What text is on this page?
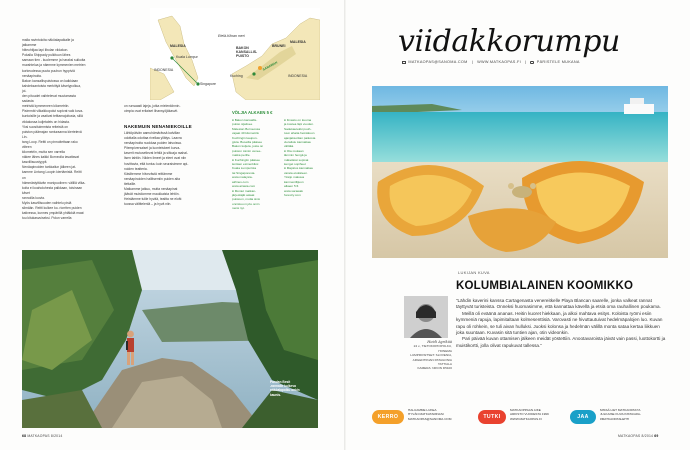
malla ravintoloita näköalapaikalle ja jatkamme
hiiteuhtijaa lapi ilbolan viidakon.
Pokalla Shippady pulkituun lähes
samaan tien - kuolemme ja haraksi sulkoita
murahtelua ja näemme kymmenien metrien
korkeudessa puuta puuhun hyppiviä
nenäapinoita.
Bakon kansallispuistossa on kaikkiaan
kahdeksantoista merkittyä kävelypolkua, joi-
den pituudet vaihtelevat muutamasta sadasta
metristä kymmeneen kilometriin.
Pisimmät vilkaikkopolut sopivat vaik kova-
kuntoisille ja vaativat telttamajoitusta, sillä
viidakossa kuljetaleis on hidasta.
Yksi suosituimmista reiteistä on
puiston päämajan ranturaanna kiertelevä Lin-
tang Loop. Reitti on pinnoitettaan rako viiteen
kilometriin, mutta sen varrella
näkee lähes kaikki Borneolla tavattavat
kasvillisuustyypit.
Nenäapinoiden tarkkailun jälkeen jat-
kamme Lintang Loopin kiertämistä. Reitti on
hämmästyttävän monipuolinen: välillä vilka-
koita ei koaholuhesta palkkaan, toisinaan kävet
rannoilla luovia.
Myös kasvillisuuden vaihtelu pisiä
silmään. Reitti kulkee ko- riorriten puiden
kativessa, kunnes ympärillä yhtäkkiä maat
tuu kitukasvuiseksi. Polun varrella
MALESIA
Kuala Lumpur
INDONESIA
Singapore
Etelä-Kiinan meri
BAKON KANSALLIS-PUISTO
BRUNEI
MALESIA
Kuching
SARAWAK
INDONESIA
on runsaasti lajeja, jotka mielenkiinnin-
oimpia ovat erilaiset lihansyöjäkasvit.
NAKEMUIN NENANIEKOILLE
Lähtöpäivän aamuhämärässä kalvillan
odottalla odottaa rivellaa yllätys. Laavra
nenäapinoita nuokkaa puiden latvoissa.
Pitempiversaiset ja luonteiskeet kurva-
kaverit mutusetlevat lehtiä ja siltoaja raahal-
lisen tahtiin. Niiden ilmeet ja eleet ovat niin
huvittavia, että tuntuu kuin seuraisimme api-
noiden teatteria.
Käsiltemme hiivevästä reittämme
nenäapinoiden hallitsemiin puiden alta
tiettaille.
Matkamme jatkuu, mutta nenäapinat
jäävät muistiomme maukkaista lehtiin.
Heistämme tulile hyvää, teaitta ne elvät
tuossa välittelenlä – ja hyvä niin.
VÖLJIA ALKAEN 5 €
● Bakon kansallis-
puisto sijaitsee
Malesian Borneossa
vajaat 40 kilometriä
Kuchingin kaupun-
gista. Buseilla pääsee
Bakon kuljeta, josta on
puiston toimin venee-
matka perille.
● Kuchingiin pääsee
lentäen esimerkiksi
Kuala Lumpurista
tai Singaporesta.
www.malaysia-
airlines.com
www.airasia.com
● Moniet matkan-
järjestäjät asiaat
puistoon, mutta sinä
onnistuu myös omin
nenä nyt.
● Ilmasto on kuuma
ja kostea läpi vuoden.
Sadekautekki puuh-
tuun ahaita heinäkuun
ajanjaksoittan paikosta
vierailuiu kannattaa
välttää.
● Ota mukaan
lämmin hengä ja
mäkelässi sopivat
kenget sopiheet
● Majoitus kannattaa
varata etukäteen.
Yksijo makuua
kanmenillijuun
alkaen 5 €.
www.sarawak
forestry.com
Pandan Besit
-rannalle kulkeva
näköalapolku onkin
kaunis.
68 MATKAOPAS 8/2014
viidakkorumpu
MATKAOPAS@SANOMA.COM   |   WWW.MATKAOPAS.FI   |    PÄRISTELE MUKANA
LUKIJAN KUVA
KOLUMBIALAINEN KOOMIKKO
Heidi Ayrikää
24 v., TIETOKOPIOPOLKU,
HONEMA
LUMPROSITSET: SLOVENIA,
ARGENTIINAN PATAGONIA
TATTIALA
KAMERA: NIKON D5100

”Lähdin kaverini kanssa Cartagenasta venereitkelle Playa Blancan saarelle, jonka valkeat rannat täyttyvät turisteista. Onneksi huomasimme, että kannattaa kävellä ja etsiä oma rauhallinen poukama.

Meillä oli eväänä ananas. Heitin kuoret hiekkaan, ja alkoi mahtava esitys. Koloista ryömi esiin kymmeniä rapuja, lapimitaltaan kolmesenttisiä. Varovasti ne hivuttautuivat hedelmäpalojen luo. Kuvan rapu oli rohkein, se tuli aivan hulluksi. Juoksi kolonsa ja hedelmän välillä monta sataa kertaa liikkuen joka suuntaan. Kuvasin sitä tuntien ajan, otin videonkin.

Pari päivää kuvan ottamisen jälkeen meidät yöstettiin. Anootavaroista jäivät vain passi, luottokortti ja muistikortti, jolla olivat rapukuvat tallessa.”

KERRO
HALUAMME LUKEA
HYVÄN MATKATARINASI
MATKAOPAS@SANOMA.COM	TUTKI
MATKAOPPAAN AIKE
ARKISTO VUODESTA 1999
WWW.MATKAOPAS.FI	JAA
MISSÄ LIET MATKAOPAS?A
JULKAISE KUVA INSTAGRA-
#MATKAOPASLEHTI
MATKAOPAS 8/2014 69
